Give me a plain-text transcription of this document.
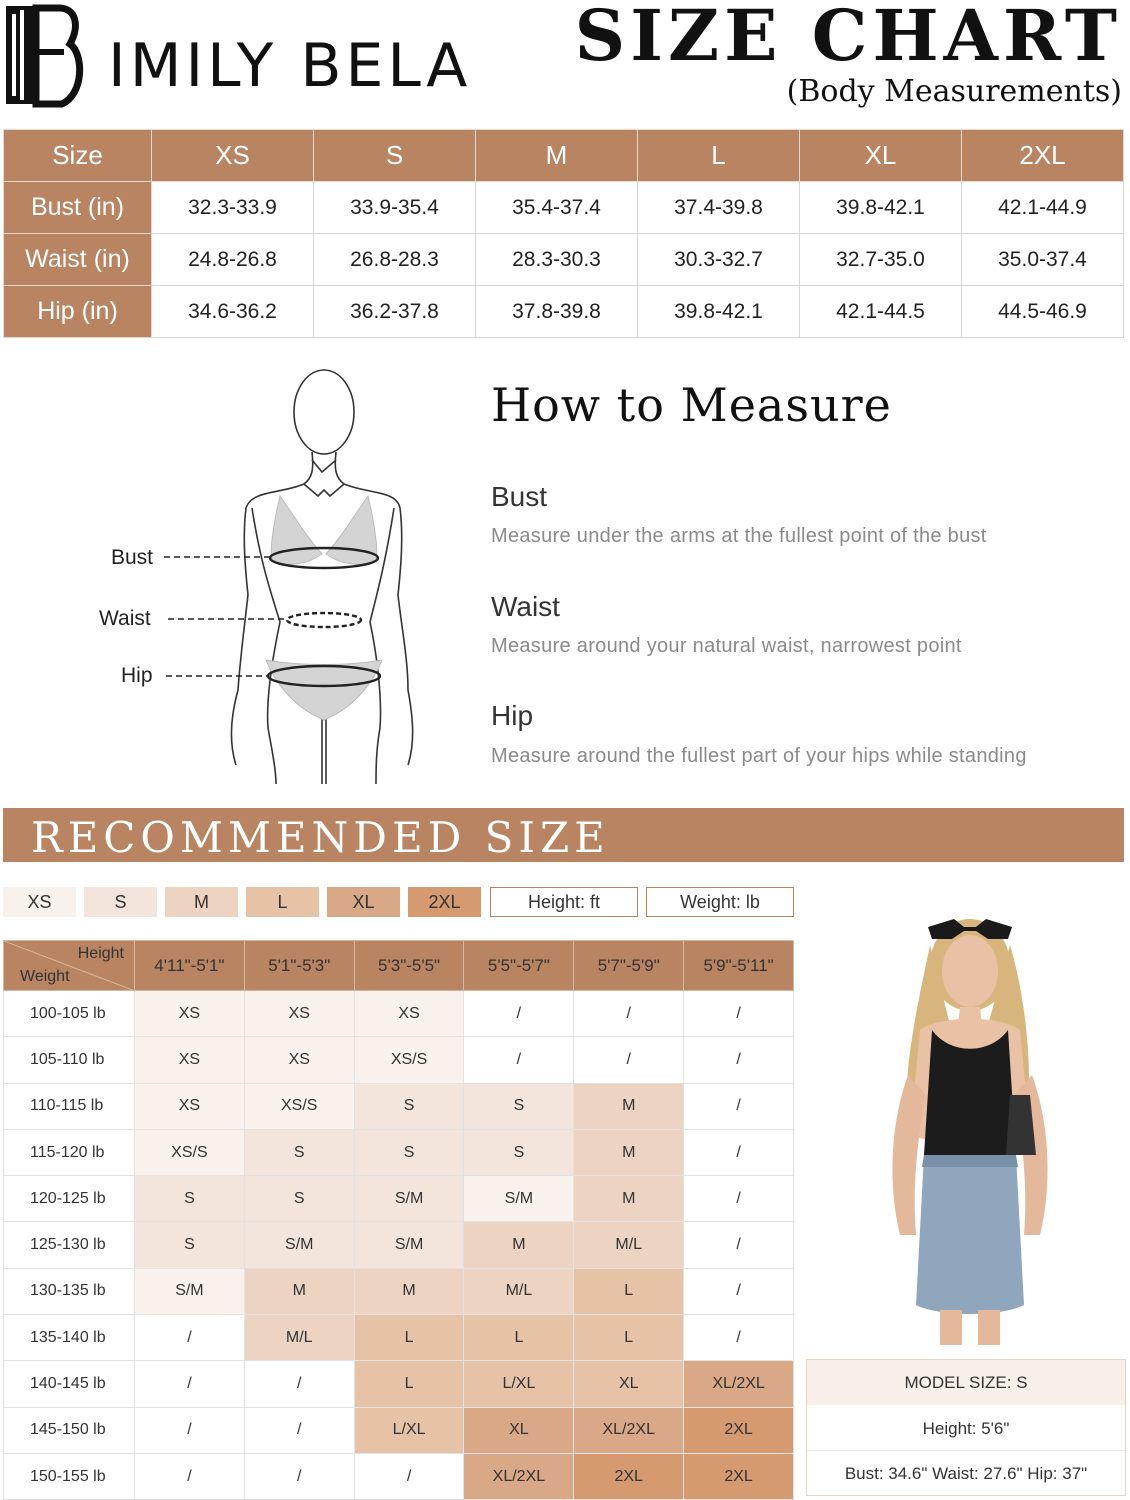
IMILY BELA SIZE CHART
(Body Measurements)
Size	XS	S	M	L	XL	2XL
Bust (in)	32.3-33.9	33.9-35.4	35.4-37.4	37.4-39.8	39.8-42.1	42.1-44.9
Waist (in)	24.8-26.8	26.8-28.3	28.3-30.3	30.3-32.7	32.7-35.0	35.0-37.4
Hip (in)	34.6-36.2	36.2-37.8	37.8-39.8	39.8-42.1	42.1-44.5	44.5-46.9
Bust
Waist
Hip
How to Measure
Bust
Measure under the arms at the fullest point of the bust
Waist
Measure around your natural waist, narrowest point
Hip
Measure around the fullest part of your hips while standing
RECOMMENDED SIZE
XS	S	M	L	XL	2XL	Height: ft	Weight: lb
Height
Weight	4'11"-5'1"	5'1"-5'3"	5'3"-5'5"	5'5"-5'7"	5'7"-5'9"	5'9"-5'11"
100-105 lb	XS	XS	XS	/	/	/
105-110 lb	XS	XS	XS/S	/	/	/
110-115 lb	XS	XS/S	S	S	M	/
115-120 lb	XS/S	S	S	S	M	/
120-125 lb	S	S	S/M	S/M	M	/
125-130 lb	S	S/M	S/M	M	M/L	/
130-135 lb	S/M	M	M	M/L	L	/
135-140 lb	/	M/L	L	L	L	/
140-145 lb	/	/	L	L/XL	XL	XL/2XL
145-150 lb	/	/	L/XL	XL	XL/2XL	2XL
150-155 lb	/	/	/	XL/2XL	2XL	2XL
MODEL SIZE: S
Height: 5'6"
Bust: 34.6" Waist: 27.6" Hip: 37"
